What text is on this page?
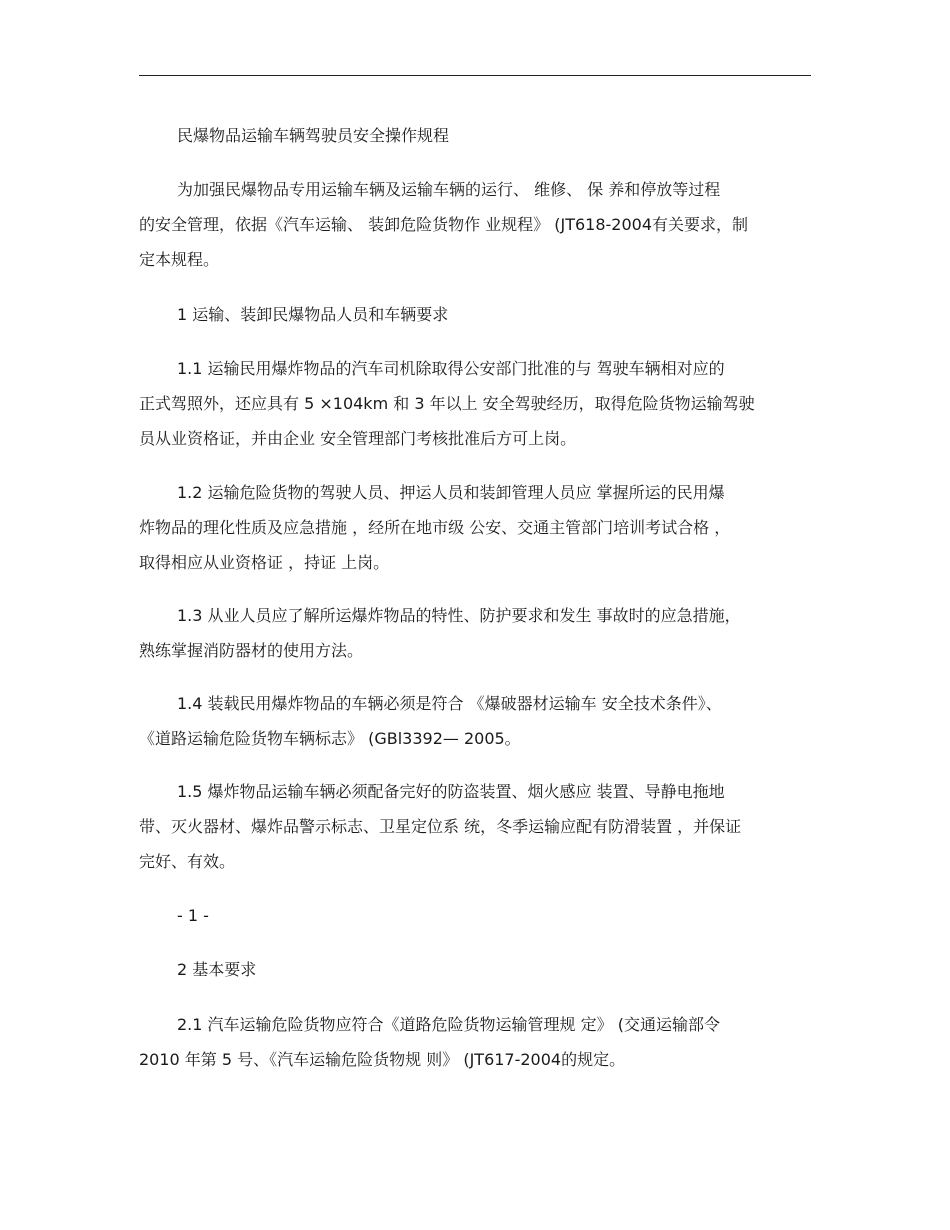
民爆物品运输车辆驾驶员安全操作规程

为加强民爆物品专用运输车辆及运输车辆的运行、 维修、 保 养和停放等过程
的安全管理，依据《汽车运输、 装卸危险货物作 业规程》 (JT618-2004有关要求，制
定本规程。

1 运输、装卸民爆物品人员和车辆要求

1.1 运输民用爆炸物品的汽车司机除取得公安部门批准的与 驾驶车辆相对应的
正式驾照外，还应具有 5 ×104km 和 3 年以上 安全驾驶经历，取得危险货物运输驾驶
员从业资格证，并由企业 安全管理部门考核批准后方可上岗。
1.2 运输危险货物的驾驶人员、押运人员和装卸管理人员应 掌握所运的民用爆
炸物品的理化性质及应急措施 ，经所在地市级 公安、交通主管部门培训考试合格 ，
取得相应从业资格证 ，持证 上岗。
1.3 从业人员应了解所运爆炸物品的特性、防护要求和发生 事故时的应急措施，
熟练掌握消防器材的使用方法。
1.4 装载民用爆炸物品的车辆必须是符合 《爆破器材运输车 安全技术条件》、
《道路运输危险货物车辆标志》 (GBl3392— 2005。
1.5 爆炸物品运输车辆必须配备完好的防盗装置、烟火感应 装置、导静电拖地
带、灭火器材、爆炸品警示标志、卫星定位系 统，冬季运输应配有防滑装置 ，并保证
完好、有效。

- 1 -

2 基本要求

2.1 汽车运输危险货物应符合《道路危险货物运输管理规 定》 (交通运输部令
2010 年第 5 号、《汽车运输危险货物规 则》 (JT617-2004的规定。
